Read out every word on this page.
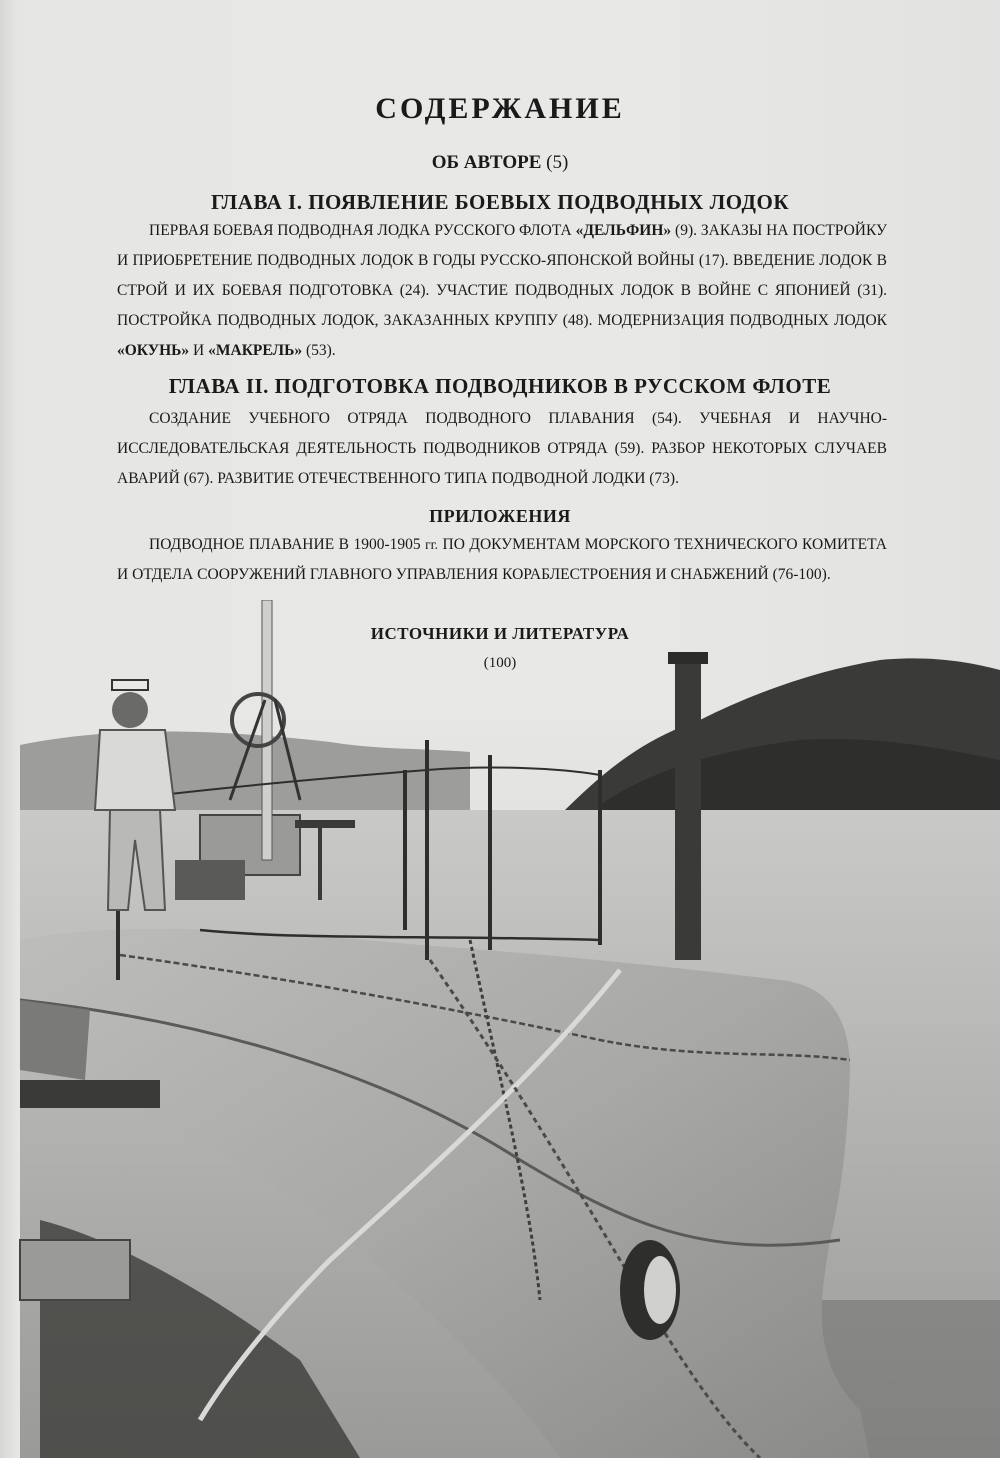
СОДЕРЖАНИЕ
ОБ АВТОРЕ (5)
ГЛАВА I. ПОЯВЛЕНИЕ БОЕВЫХ ПОДВОДНЫХ ЛОДОК
ПЕРВАЯ БОЕВАЯ ПОДВОДНАЯ ЛОДКА РУССКОГО ФЛОТА «ДЕЛЬФИН» (9). ЗАКАЗЫ НА ПОСТРОЙКУ И ПРИОБРЕТЕНИЕ ПОДВОДНЫХ ЛОДОК В ГОДЫ РУССКО-ЯПОНСКОЙ ВОЙНЫ (17). ВВЕДЕНИЕ ЛОДОК В СТРОЙ И ИХ БОЕВАЯ ПОДГОТОВКА (24). УЧАСТИЕ ПОДВОДНЫХ ЛОДОК В ВОЙНЕ С ЯПОНИЕЙ (31). ПОСТРОЙКА ПОДВОДНЫХ ЛОДОК, ЗАКАЗАННЫХ КРУППУ (48). МОДЕРНИЗАЦИЯ ПОДВОДНЫХ ЛОДОК «ОКУНЬ» И «МАКРЕЛЬ» (53).
ГЛАВА II. ПОДГОТОВКА ПОДВОДНИКОВ В РУССКОМ ФЛОТЕ
СОЗДАНИЕ УЧЕБНОГО ОТРЯДА ПОДВОДНОГО ПЛАВАНИЯ (54). УЧЕБНАЯ И НАУЧНО-ИССЛЕДОВАТЕЛЬСКАЯ ДЕЯТЕЛЬНОСТЬ ПОДВОДНИКОВ ОТРЯДА (59). РАЗБОР НЕКОТОРЫХ СЛУЧАЕВ АВАРИЙ (67). РАЗВИТИЕ ОТЕЧЕСТВЕННОГО ТИПА ПОДВОДНОЙ ЛОДКИ (73).
ПРИЛОЖЕНИЯ
ПОДВОДНОЕ ПЛАВАНИЕ В 1900-1905 гг. ПО ДОКУМЕНТАМ МОРСКОГО ТЕХНИЧЕСКОГО КОМИТЕТА И ОТДЕЛА СООРУЖЕНИЙ ГЛАВНОГО УПРАВЛЕНИЯ КОРАБЛЕСТРОЕНИЯ И СНАБЖЕНИЙ (76-100).
ИСТОЧНИКИ И ЛИТЕРАТУРА
(100)
